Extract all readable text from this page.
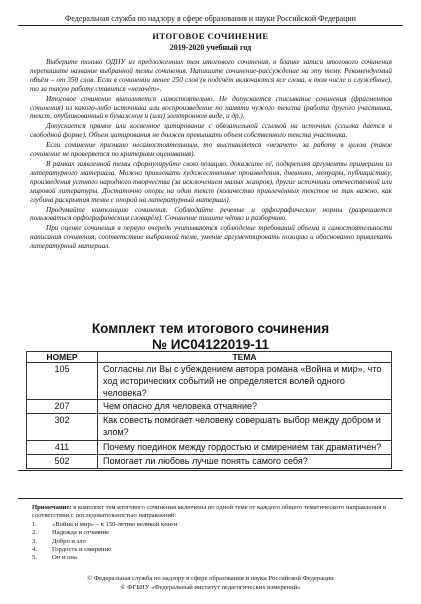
Федеральная служба по надзору в сфере образования и науки Российской Федерации
ИТОГОВОЕ СОЧИНЕНИЕ
2019-2020 учебный год

Выберите только ОДНУ из предложенных тем итогового сочинения, в бланке записи итогового сочинения перепишите название выбранной темы сочинения. Напишите сочинение-рассуждение на эту тему. Рекомендуемый объём – от 350 слов. Если в сочинении менее 250 слов (в подсчёт включаются все слова, в том числе и служебные), то за такую работу ставится «незачёт».

Итоговое сочинение выполняется самостоятельно. Не допускается списывание сочинения (фрагментов сочинения) из какого-либо источника или воспроизведение по памяти чужого текста (работа другого участника, текст, опубликованный в бумажном и (или) электронном виде, и др.).

Допускается прямое или косвенное цитирование с обязательной ссылкой на источник (ссылка дается в свободной форме). Объем цитирования не должен превышать объем собственного текста участника.

Если сочинение признано несамостоятельным, то выставляется «незачет» за работу в целом (такое сочинение не проверяется по критериям оценивания).

В рамках заявленной темы сформулируйте свою позицию, докажите её, подкрепляя аргументы примерами из литературного материала. Можно привлекать художественные произведения, дневники, мемуары, публицистику, произведения устного народного творчества (за исключением малых жанров), другие источники отечественной или мировой литературы. Достаточно опоры на один текст (количество привлечённых текстов не так важно, как глубина раскрытия темы с опорой на литературный материал).

Продумайте композицию сочинения. Соблюдайте речевые и орфографические нормы (разрешается пользоваться орфографическим словарём). Сочинение пишите чётко и разборчиво.

При оценке сочинения в первую очередь учитываются соблюдение требований объема и самостоятельности написания сочинения, соответствие выбранной теме, умение аргументировать позицию и обоснованно привлекать литературный материал.

Комплект тем итогового сочинения
№ ИС04122019-11
НОМЕР	ТЕМА
105	Согласны ли Вы с убеждением автора романа «Война и мир», что ход исторических событий не определяется волей одного человека?
207	Чем опасно для человека отчаяние?
302	Как совесть помогает человеку совершать выбор между добром и злом?
411	Почему поединок между гордостью и смирением так драматичен?
502	Помогает ли любовь лучше понять самого себя?
Примечание: в комплект тем итогового сочинения включены по одной теме от каждого общего тематического направления в соответствии с последовательностью направлений:
1.	«Война и мир» – к 150-летию великой книги
2.	Надежда и отчаяние
3.	Добро и зло
4.	Гордость и смирение
5.	Он и она
© Федеральная служба по надзору в сфере образования и науки Российской Федерации
© ФГБНУ «Федеральный институт педагогических измерений»
